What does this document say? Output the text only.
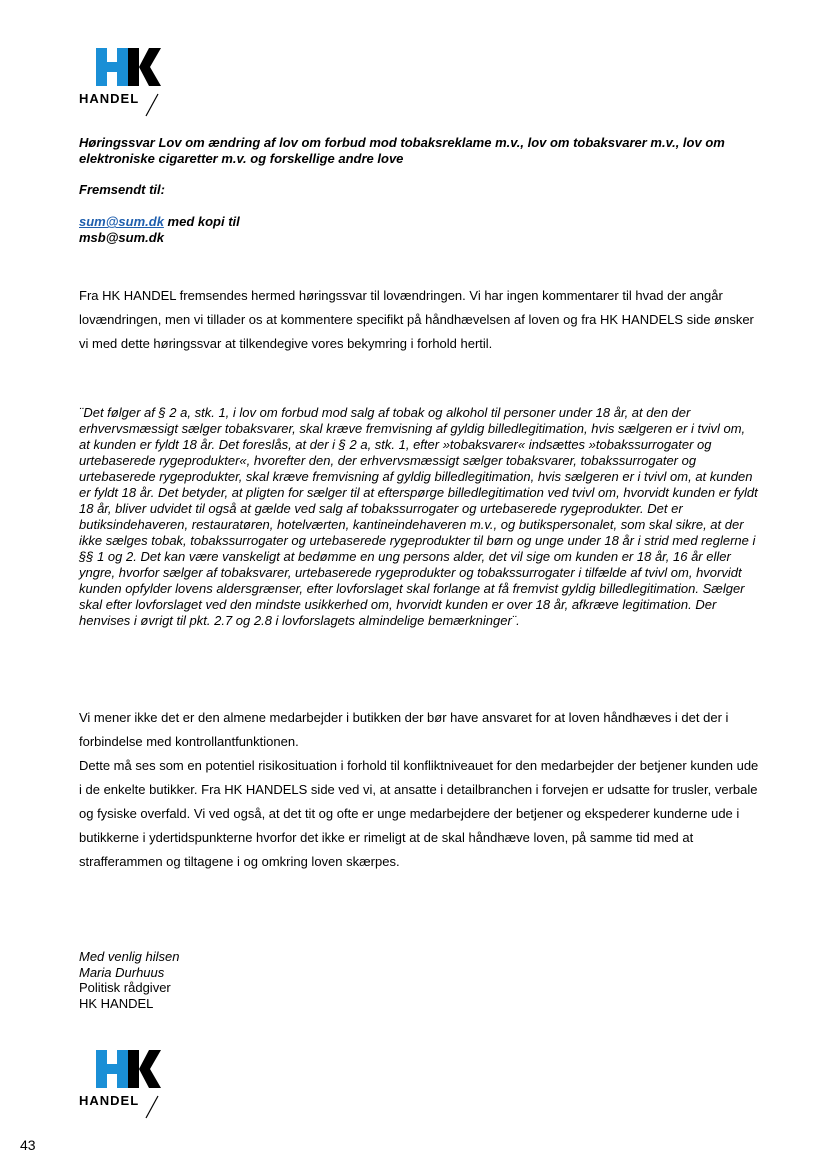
HANDEL
Høringssvar Lov om ændring af lov om forbud mod tobaksreklame m.v., lov om tobaksvarer m.v., lov om elektroniske cigaretter m.v. og forskellige andre love
Fremsendt til:
sum@sum.dk med kopi til
msb@sum.dk

Fra HK HANDEL fremsendes hermed høringssvar til lovændringen. Vi har ingen kommentarer til hvad der angår lovændringen, men vi tillader os at kommentere specifikt på håndhævelsen af loven og fra HK HANDELS side ønsker vi med dette høringssvar at tilkendegive vores bekymring i forhold hertil.

¨Det følger af § 2 a, stk. 1, i lov om forbud mod salg af tobak og alkohol til personer under 18 år, at den der erhvervsmæssigt sælger tobaksvarer, skal kræve fremvisning af gyldig billedlegitimation, hvis sælgeren er i tvivl om, at kunden er fyldt 18 år. Det foreslås, at der i § 2 a, stk. 1, efter »tobaksvarer« indsættes »tobakssurrogater og urtebaserede rygeprodukter«, hvorefter den, der erhvervsmæssigt sælger tobaksvarer, tobakssurrogater og urtebaserede rygeprodukter, skal kræve fremvisning af gyldig billedlegitimation, hvis sælgeren er i tvivl om, at kunden er fyldt 18 år. Det betyder, at pligten for sælger til at efterspørge billedlegitimation ved tvivl om, hvorvidt kunden er fyldt 18 år, bliver udvidet til også at gælde ved salg af tobakssurrogater og urtebaserede rygeprodukter. Det er butiksindehaveren, restauratøren, hotelværten, kantineindehaveren m.v., og butikspersonalet, som skal sikre, at der ikke sælges tobak, tobakssurrogater og urtebaserede rygeprodukter til børn og unge under 18 år i strid med reglerne i §§ 1 og 2. Det kan være vanskeligt at bedømme en ung persons alder, det vil sige om kunden er 18 år, 16 år eller yngre, hvorfor sælger af tobaksvarer, urtebaserede rygeprodukter og tobakssurrogater i tilfælde af tvivl om, hvorvidt kunden opfylder lovens aldersgrænser, efter lovforslaget skal forlange at få fremvist gyldig billedlegitimation. Sælger skal efter lovforslaget ved den mindste usikkerhed om, hvorvidt kunden er over 18 år, afkræve legitimation. Der henvises i øvrigt til pkt. 2.7 og 2.8 i lovforslagets almindelige bemærkninger¨.

Vi mener ikke det er den almene medarbejder i butikken der bør have ansvaret for at loven håndhæves i det der i forbindelse med kontrollantfunktionen.

Dette må ses som en potentiel risikosituation i forhold til konfliktniveauet for den medarbejder der betjener kunden ude i de enkelte butikker. Fra HK HANDELS side ved vi, at ansatte i detailbranchen i forvejen er udsatte for trusler, verbale og fysiske overfald. Vi ved også, at det tit og ofte er unge medarbejdere der betjener og ekspederer kunderne ude i butikkerne i ydertidspunkterne hvorfor det ikke er rimeligt at de skal håndhæve loven, på samme tid med at strafferammen og tiltagene i og omkring loven skærpes.

Med venlig hilsen
Maria Durhuus
Politisk rådgiver
HK HANDEL
HANDEL
43
